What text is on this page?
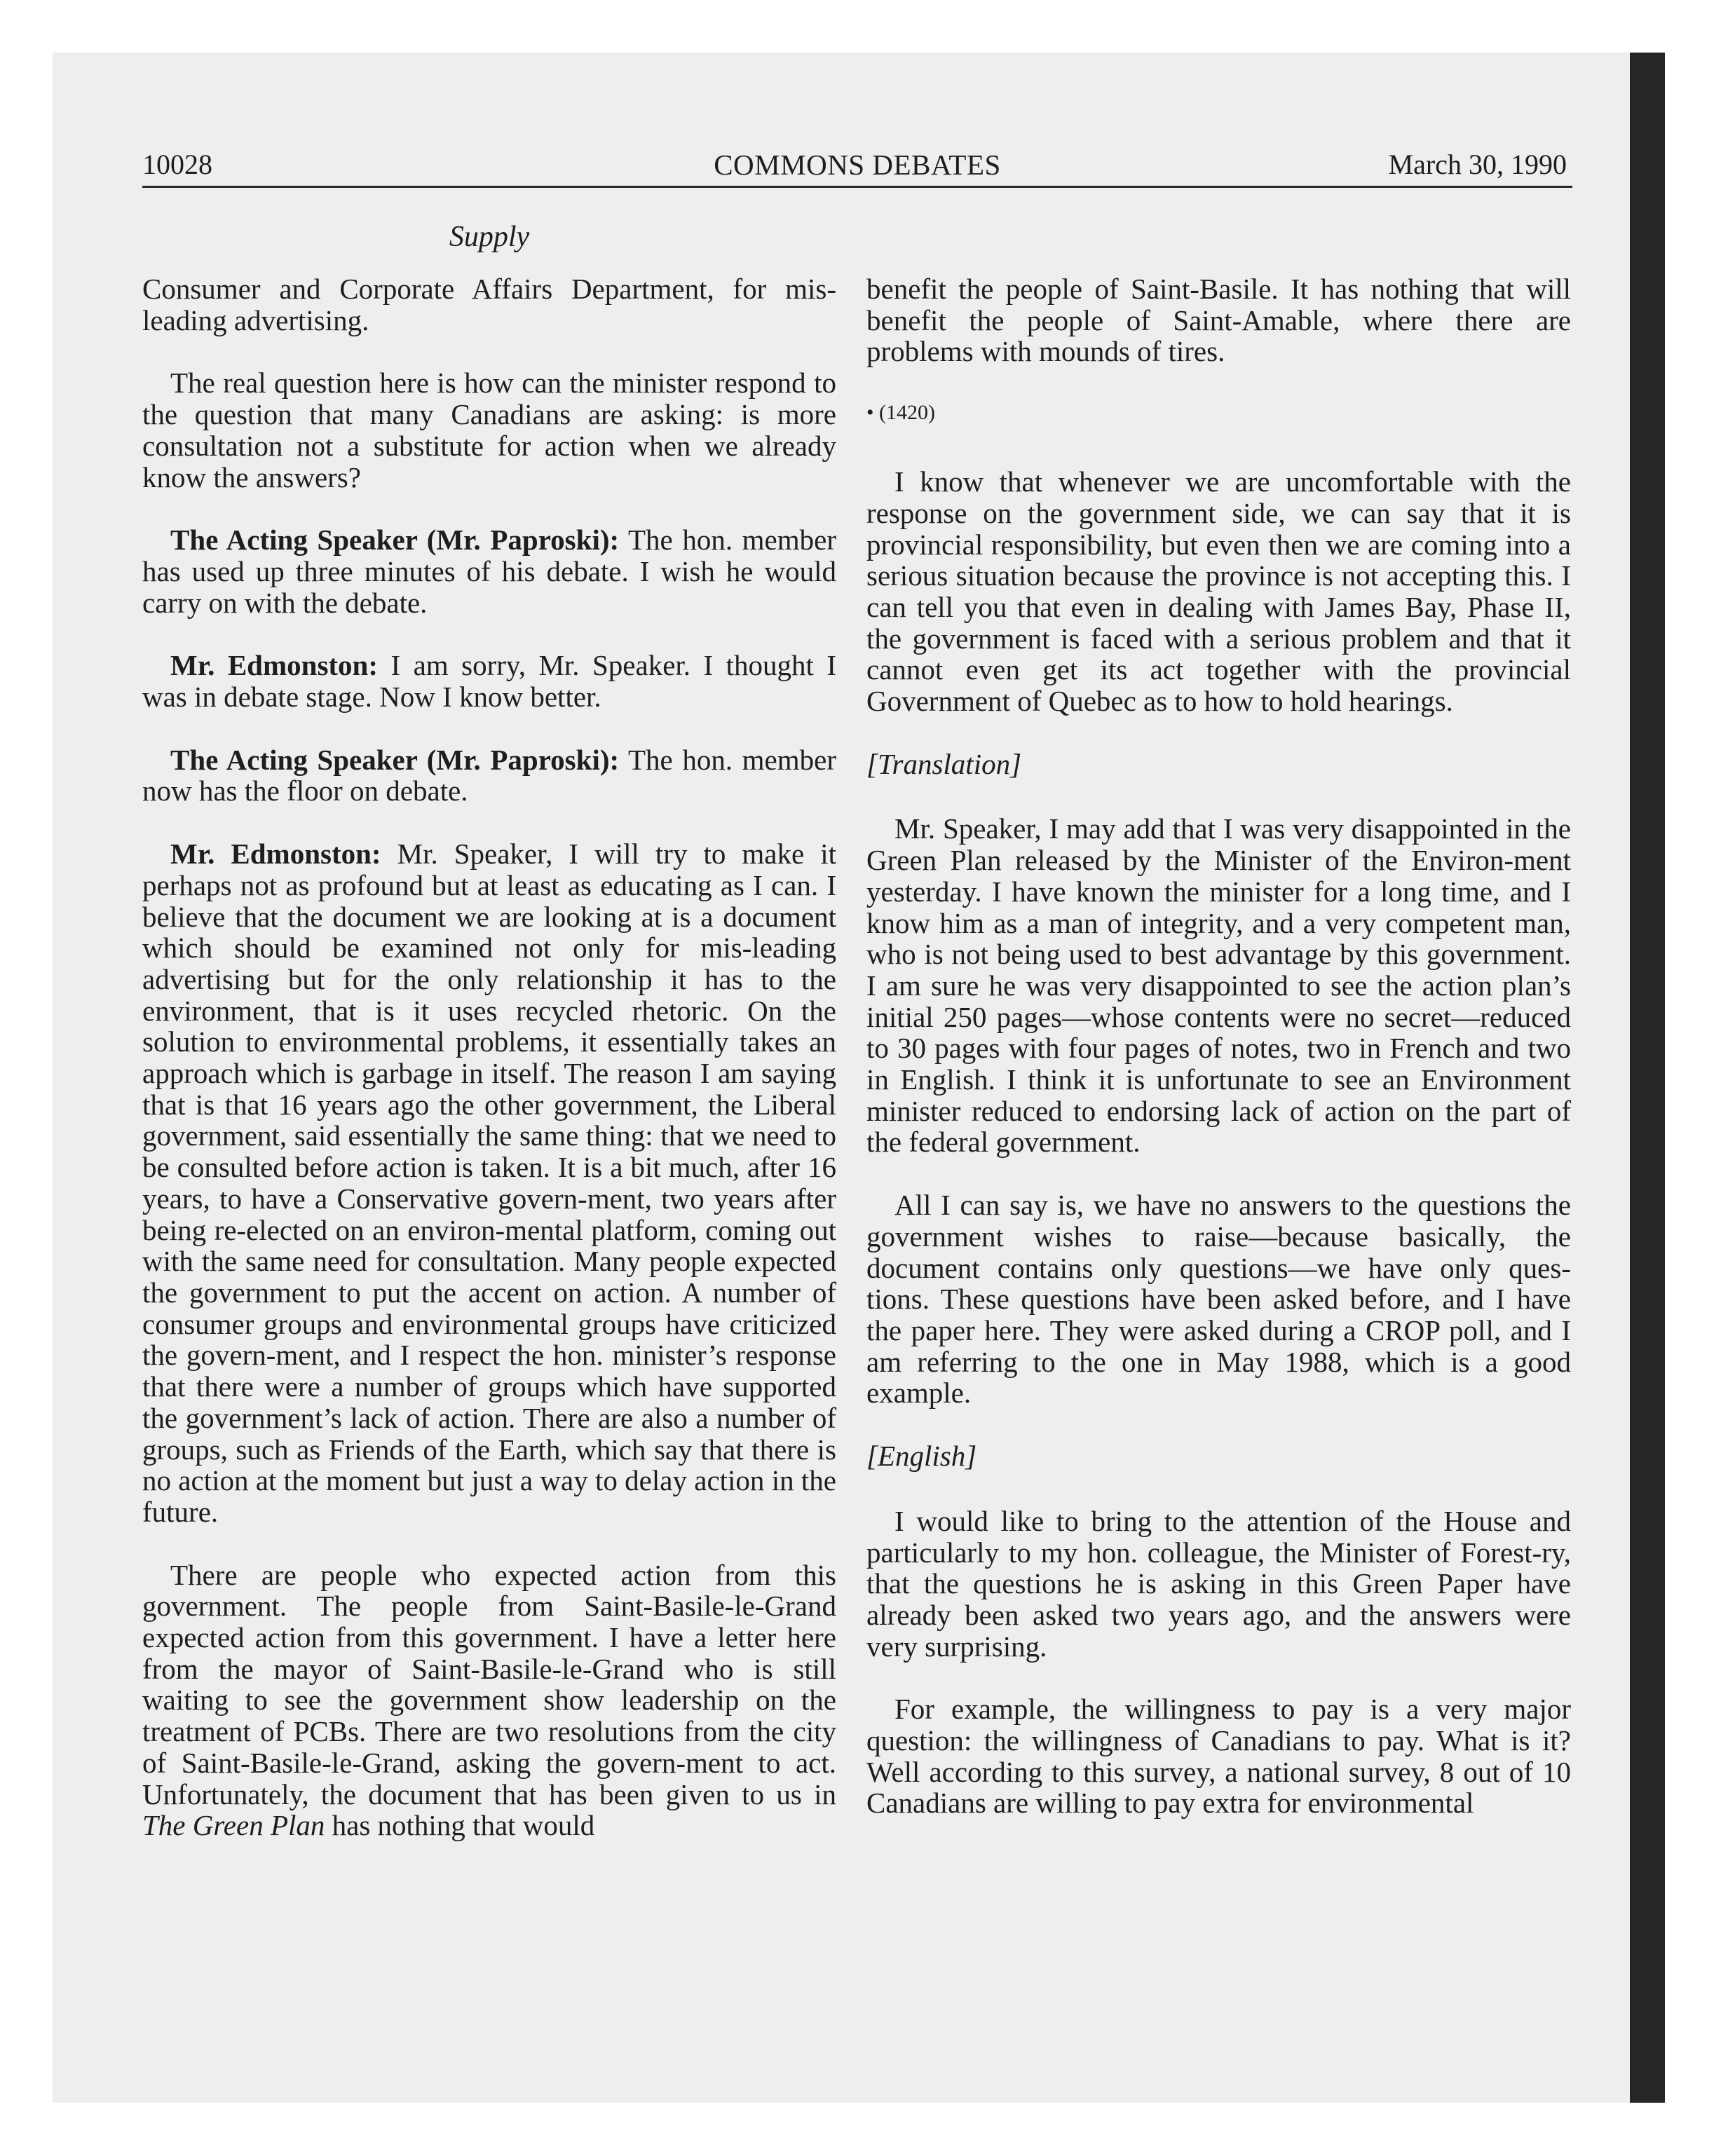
10028	COMMONS DEBATES	March 30, 1990
Supply

Consumer and Corporate Affairs Department, for mis-leading advertising.

The real question here is how can the minister respond to the question that many Canadians are asking: is more consultation not a substitute for action when we already know the answers?

The Acting Speaker (Mr. Paproski): The hon. member has used up three minutes of his debate. I wish he would carry on with the debate.

Mr. Edmonston: I am sorry, Mr. Speaker. I thought I was in debate stage. Now I know better.

The Acting Speaker (Mr. Paproski): The hon. member now has the floor on debate.

Mr. Edmonston: Mr. Speaker, I will try to make it perhaps not as profound but at least as educating as I can. I believe that the document we are looking at is a document which should be examined not only for mis-leading advertising but for the only relationship it has to the environment, that is it uses recycled rhetoric. On the solution to environmental problems, it essentially takes an approach which is garbage in itself. The reason I am saying that is that 16 years ago the other government, the Liberal government, said essentially the same thing: that we need to be consulted before action is taken. It is a bit much, after 16 years, to have a Conservative govern-ment, two years after being re-elected on an environ-mental platform, coming out with the same need for consultation. Many people expected the government to put the accent on action. A number of consumer groups and environmental groups have criticized the govern-ment, and I respect the hon. minister’s response that there were a number of groups which have supported the government’s lack of action. There are also a number of groups, such as Friends of the Earth, which say that there is no action at the moment but just a way to delay action in the future.

There are people who expected action from this government. The people from Saint-Basile-le-Grand expected action from this government. I have a letter here from the mayor of Saint-Basile-le-Grand who is still waiting to see the government show leadership on the treatment of PCBs. There are two resolutions from the city of Saint-Basile-le-Grand, asking the govern-ment to act. Unfortunately, the document that has been given to us in The Green Plan has nothing that would

benefit the people of Saint-Basile. It has nothing that will benefit the people of Saint-Amable, where there are problems with mounds of tires.

• (1420)

I know that whenever we are uncomfortable with the response on the government side, we can say that it is provincial responsibility, but even then we are coming into a serious situation because the province is not accepting this. I can tell you that even in dealing with James Bay, Phase II, the government is faced with a serious problem and that it cannot even get its act together with the provincial Government of Quebec as to how to hold hearings.

[Translation]

Mr. Speaker, I may add that I was very disappointed in the Green Plan released by the Minister of the Environ-ment yesterday. I have known the minister for a long time, and I know him as a man of integrity, and a very competent man, who is not being used to best advantage by this government. I am sure he was very disappointed to see the action plan’s initial 250 pages—whose contents were no secret—reduced to 30 pages with four pages of notes, two in French and two in English. I think it is unfortunate to see an Environment minister reduced to endorsing lack of action on the part of the federal government.

All I can say is, we have no answers to the questions the government wishes to raise—because basically, the document contains only questions—we have only ques-tions. These questions have been asked before, and I have the paper here. They were asked during a CROP poll, and I am referring to the one in May 1988, which is a good example.

[English]

I would like to bring to the attention of the House and particularly to my hon. colleague, the Minister of Forest-ry, that the questions he is asking in this Green Paper have already been asked two years ago, and the answers were very surprising.

For example, the willingness to pay is a very major question: the willingness of Canadians to pay. What is it? Well according to this survey, a national survey, 8 out of 10 Canadians are willing to pay extra for environmental
